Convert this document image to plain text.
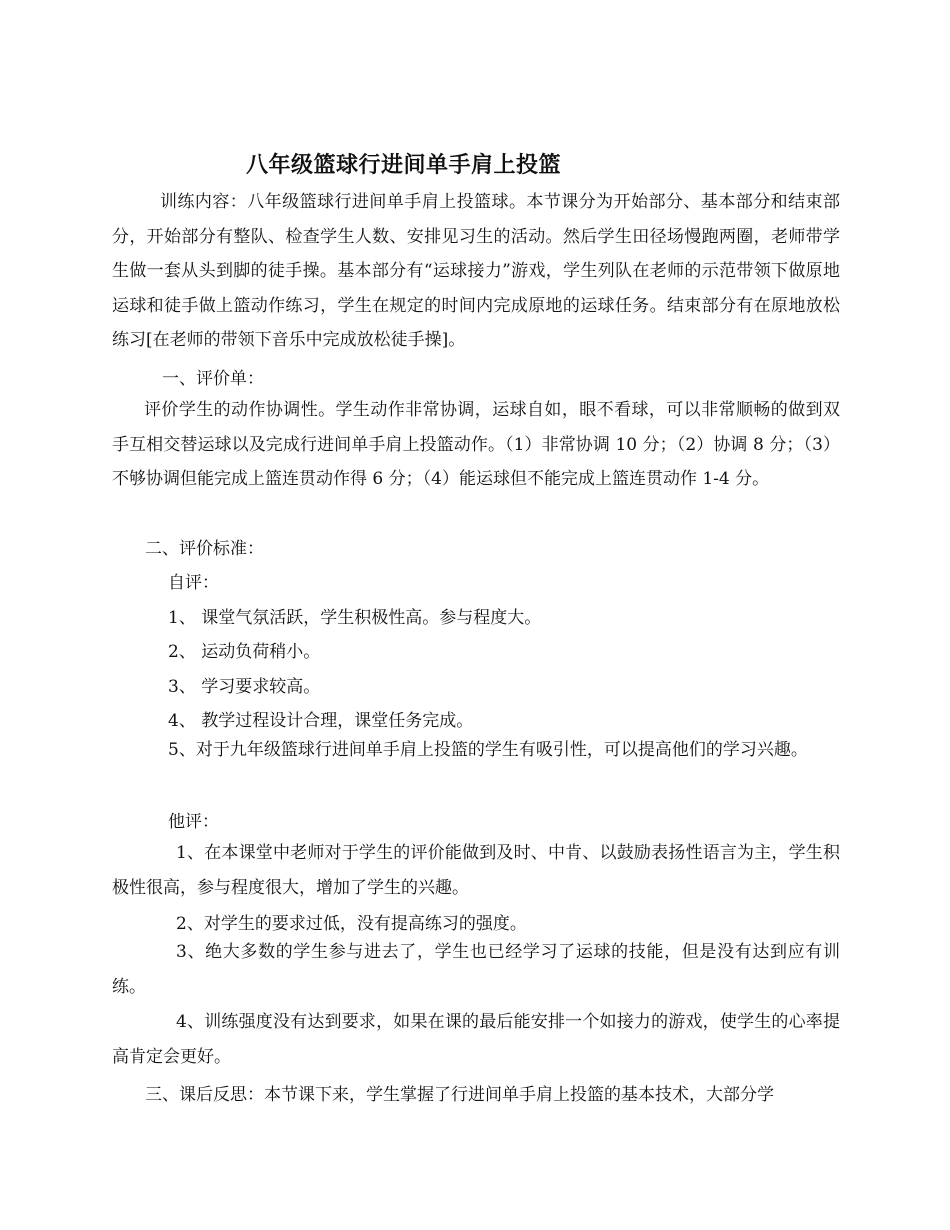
八年级篮球行进间单手肩上投篮

训练内容：八年级篮球行进间单手肩上投篮球。本节课分为开始部分、基本部分和结束部分，开始部分有整队、检查学生人数、安排见习生的活动。然后学生田径场慢跑两圈，老师带学生做一套从头到脚的徒手操。基本部分有“运球接力”游戏，学生列队在老师的示范带领下做原地运球和徒手做上篮动作练习，学生在规定的时间内完成原地的运球任务。结束部分有在原地放松练习[在老师的带领下音乐中完成放松徒手操]。

一、评价单：

评价学生的动作协调性。学生动作非常协调，运球自如，眼不看球，可以非常顺畅的做到双手互相交替运球以及完成行进间单手肩上投篮动作。（1）非常协调 10 分；（2）协调 8 分；（3）不够协调但能完成上篮连贯动作得 6 分；（4）能运球但不能完成上篮连贯动作 1-4 分。

二、评价标准：

自评：

1、 课堂气氛活跃，学生积极性高。参与程度大。

2、 运动负荷稍小。

3、 学习要求较高。

4、 教学过程设计合理，课堂任务完成。

5、对于九年级篮球行进间单手肩上投篮的学生有吸引性，可以提高他们的学习兴趣。

他评：

1、在本课堂中老师对于学生的评价能做到及时、中肯、以鼓励表扬性语言为主，学生积极性很高，参与程度很大，增加了学生的兴趣。

2、对学生的要求过低，没有提高练习的强度。

3、绝大多数的学生参与进去了，学生也已经学习了运球的技能，但是没有达到应有训练。

4、训练强度没有达到要求，如果在课的最后能安排一个如接力的游戏，使学生的心率提高肯定会更好。

三、课后反思：本节课下来，学生掌握了行进间单手肩上投篮的基本技术，大部分学
